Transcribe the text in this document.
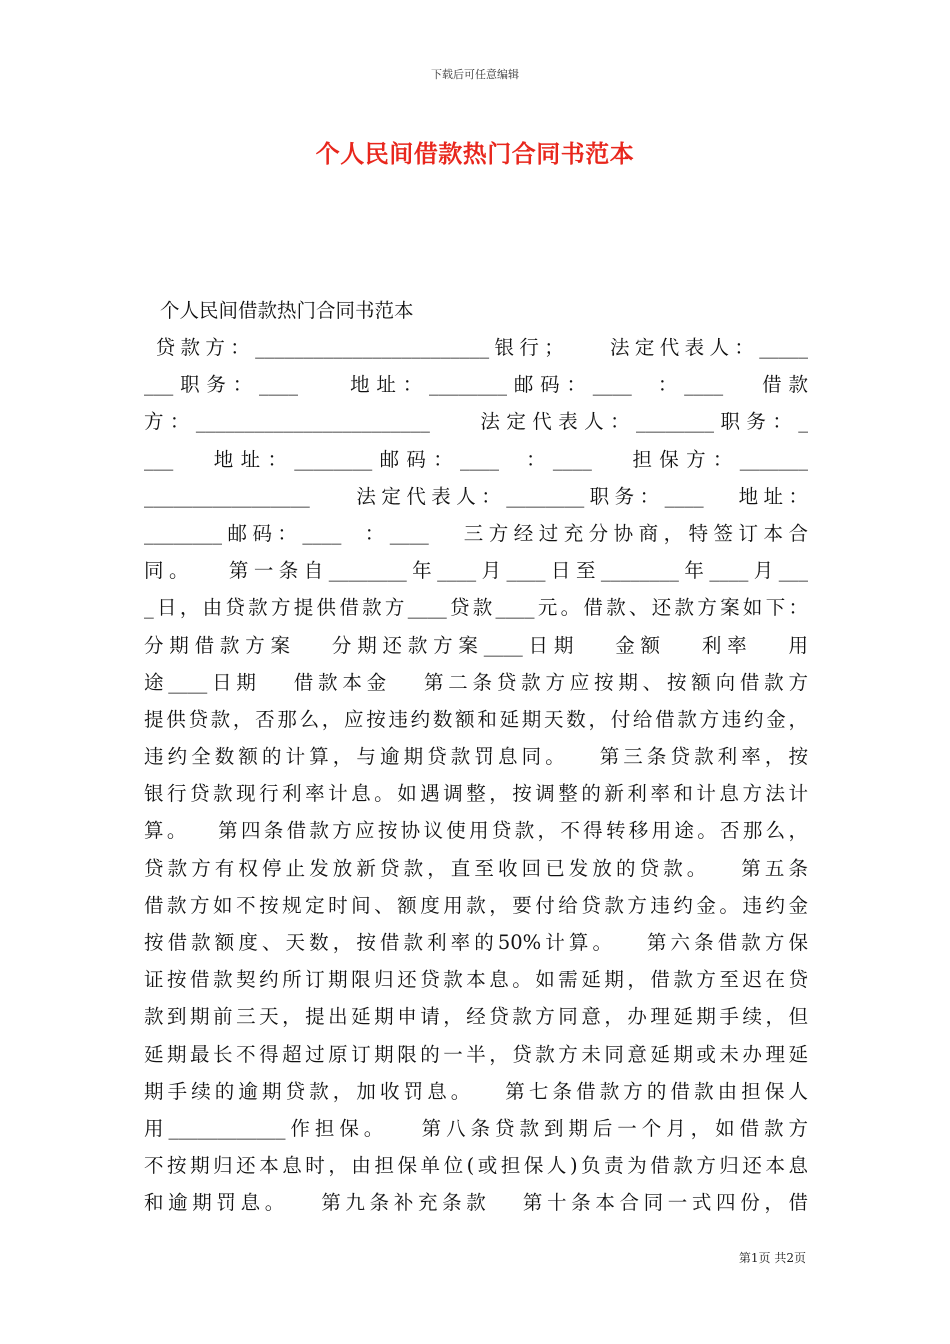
下载后可任意编辑
个人民间借款热门合同书范本
个人民间借款热门合同书范本
贷款方：________________________银行；    法定代表人：_____
___职务：____    地址：________邮码：____  ：____   借款
方：________________________    法定代表人：________职务：_
___   地址：________邮码：____  ：____   担保方：_______
_________________    法定代表人：________职务：____   地址：
________邮码：____  ：____   三方经过充分协商，特签订本合
同。   第一条自________年____月____日至________年____月___
_日，由贷款方提供借款方____贷款____元。借款、还款方案如下：
分期借款方案   分期还款方案____日期   金额   利率   用
途____日期   借款本金   第二条贷款方应按期、按额向借款方
提供贷款，否那么，应按违约数额和延期天数，付给借款方违约金，
违约全数额的计算，与逾期贷款罚息同。   第三条贷款利率，按
银行贷款现行利率计息。如遇调整，按调整的新利率和计息方法计
算。   第四条借款方应按协议使用贷款，不得转移用途。否那么，
贷款方有权停止发放新贷款，直至收回已发放的贷款。   第五条
借款方如不按规定时间、额度用款，要付给贷款方违约金。违约金
按借款额度、天数，按借款利率的50%计算。   第六条借款方保
证按借款契约所订期限归还贷款本息。如需延期，借款方至迟在贷
款到期前三天，提出延期申请，经贷款方同意，办理延期手续，但
延期最长不得超过原订期限的一半，贷款方未同意延期或未办理延
期手续的逾期贷款，加收罚息。   第七条借款方的借款由担保人
用____________作担保。   第八条贷款到期后一个月，如借款方
不按期归还本息时，由担保单位(或担保人)负责为借款方归还本息
和逾期罚息。   第九条补充条款   第十条本合同一式四份，借
第1页 共2页
